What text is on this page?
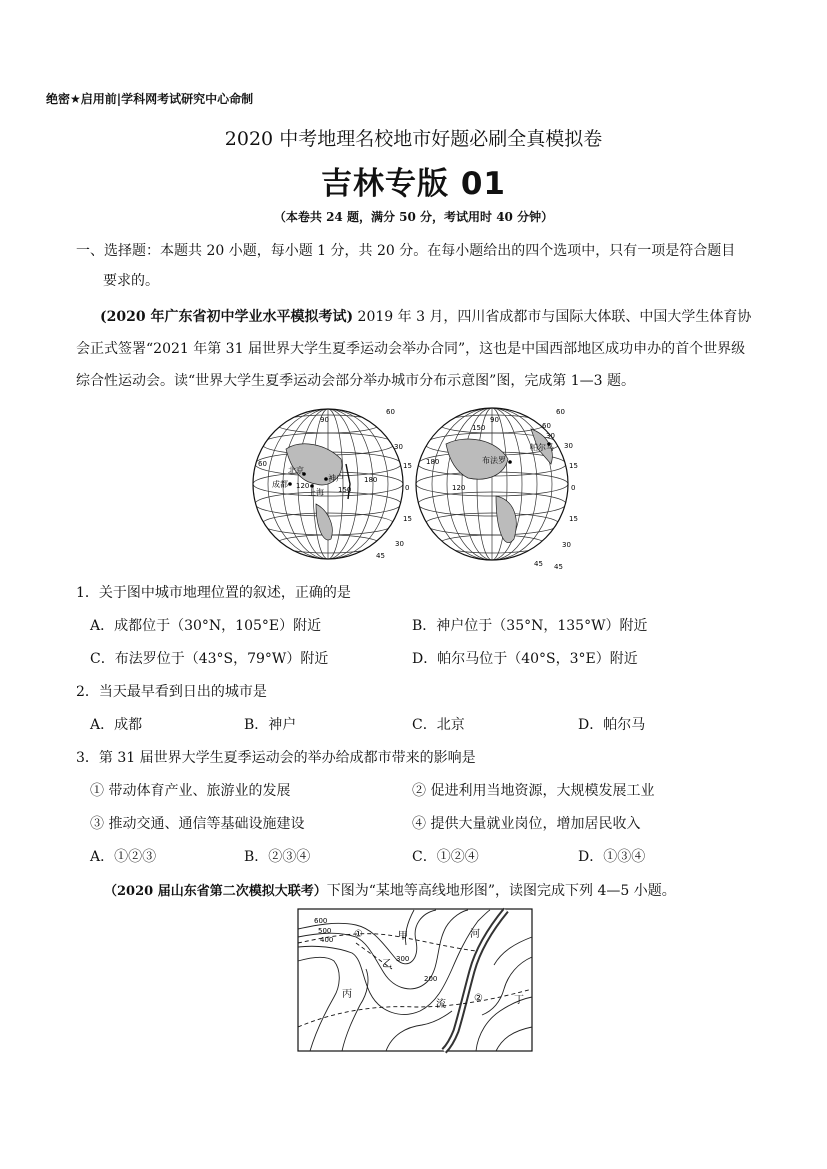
绝密★启用前|学科网考试研究中心命制
2020 中考地理名校地市好题必刷全真模拟卷
吉林专版 01
（本卷共 24 题，满分 50 分，考试用时 40 分钟）
一、选择题：本题共 20 小题，每小题 1 分，共 20 分。在每小题给出的四个选项中，只有一项是符合题目
要求的。
(2020 年广东省初中学业水平模拟考试) 2019 年 3 月，四川省成都市与国际大体联、中国大学生体育协
会正式签署“2021 年第 31 届世界大学生夏季运动会举办合同”，这也是中国西部地区成功申办的首个世界级
综合性运动会。读“世界大学生夏季运动会部分举办城市分布示意图”图，完成第 1—3 题。
北京
成都
上海
神户
布法罗
帕尔马
60
30
15
0
15
30
90
120	150
180
60
45
60
30
15
0
15
30
45
90
120
150
180
30
60
45
1．关于图中城市地理位置的叙述，正确的是
A．成都位于（30°N，105°E）附近	B．神户位于（35°N，135°W）附近
C．布法罗位于（43°S，79°W）附近	D．帕尔马位于（40°S，3°E）附近
2．当天最早看到日出的城市是
A．成都	B．神户	C．北京	D．帕尔马
3．第 31 届世界大学生夏季运动会的举办给成都市带来的影响是
① 带动体育产业、旅游业的发展	② 促进利用当地资源，大规模发展工业
③ 推动交通、通信等基础设施建设	④ 提供大量就业岗位，增加居民收入
A．①②③	B．②③④	C．①②④	D．①③④
（2020 届山东省第二次模拟大联考）下图为“某地等高线地形图”，读图完成下列 4—5 小题。
600
500
400
300
200
甲
乙
丙
丁
河
流
①
②
